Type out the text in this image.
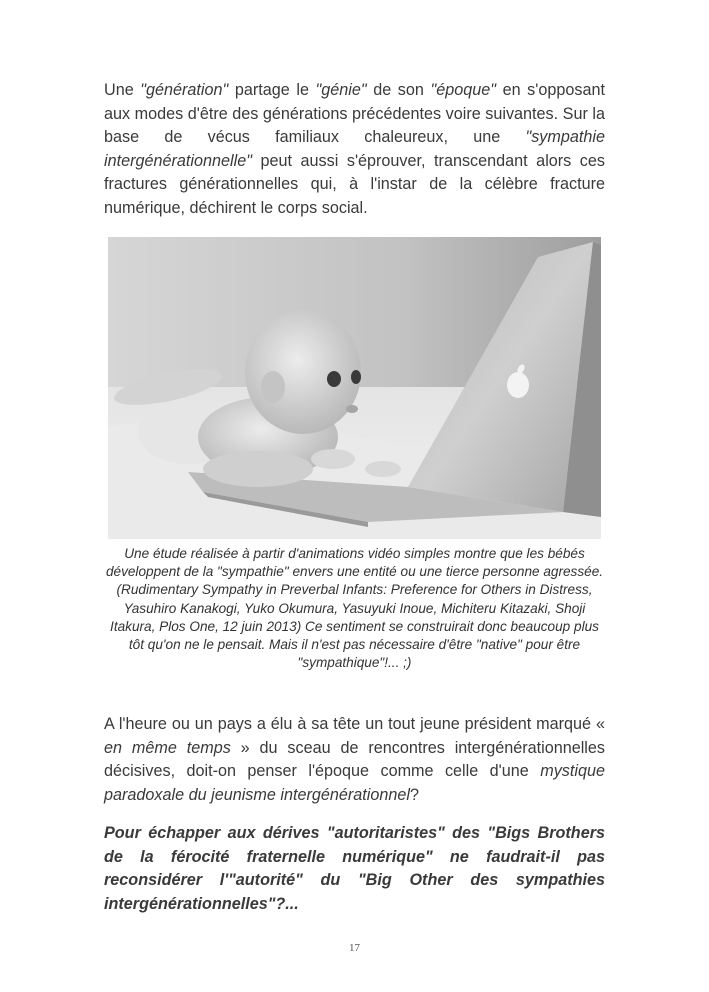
Une "génération" partage le "génie" de son "époque" en s'opposant aux modes d'être des générations précédentes voire suivantes. Sur la base de vécus familiaux chaleureux, une "sympathie intergénérationnelle" peut aussi s'éprouver, transcendant alors ces fractures générationnelles qui, à l'instar de la célèbre fracture numérique, déchirent le corps social.

Une étude réalisée à partir d'animations vidéo simples montre que les bébés développent de la "sympathie" envers une entité ou une tierce personne agressée. (Rudimentary Sympathy in Preverbal Infants: Preference for Others in Distress, Yasuhiro Kanakogi, Yuko Okumura, Yasuyuki Inoue, Michiteru Kitazaki, Shoji Itakura, Plos One, 12 juin 2013) Ce sentiment se construirait donc beaucoup plus tôt qu'on ne le pensait. Mais il n'est pas nécessaire d'être "native" pour être "sympathique"!... ;)

A l'heure ou un pays a élu à sa tête un tout jeune président marqué « en même temps » du sceau de rencontres intergénérationnelles décisives, doit-on penser l'époque comme celle d'une mystique paradoxale du jeunisme intergénérationnel?

Pour échapper aux dérives "autoritaristes" des "Bigs Brothers de la férocité fraternelle numérique" ne faudrait-il pas reconsidérer l'"autorité" du "Big Other des sympathies intergénérationnelles"?...

17
